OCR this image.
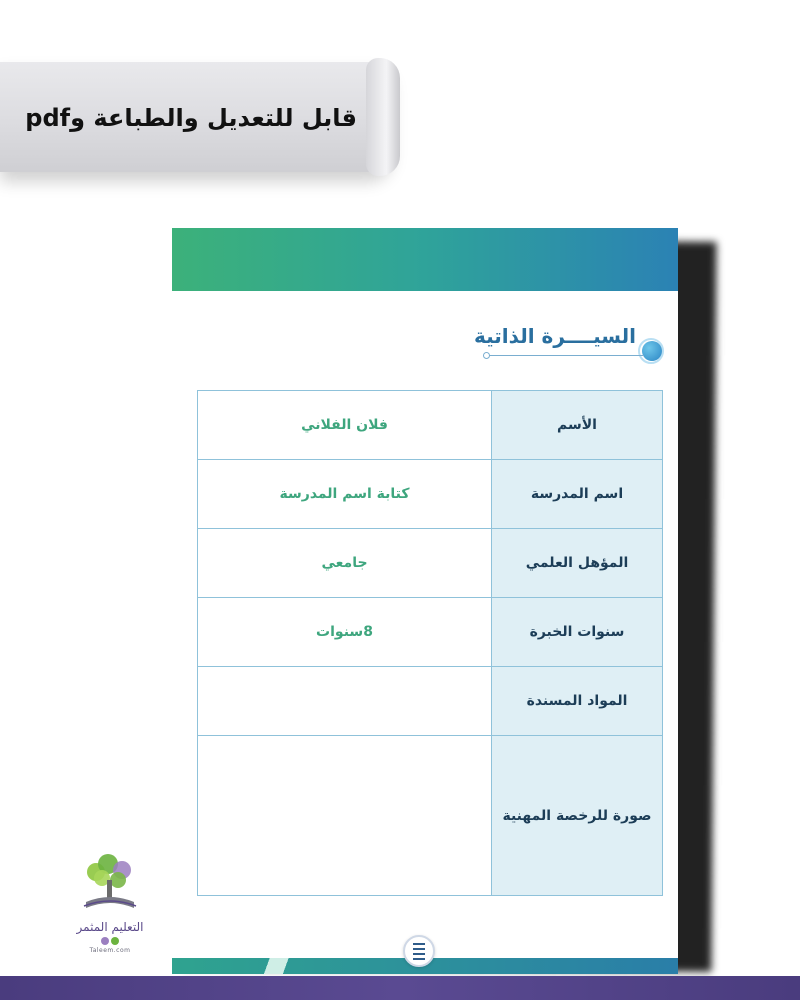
قابل للتعديل والطباعة وpdf
السيــــرة الذاتية
الأسم	فلان الفلاني
اسم المدرسة	كتابة اسم المدرسة
المؤهل العلمي	جامعي
سنوات الخبرة	8سنوات
المواد المسندة	
صورة للرخصة المهنية	
التعليم المثمر
Taleem.com
